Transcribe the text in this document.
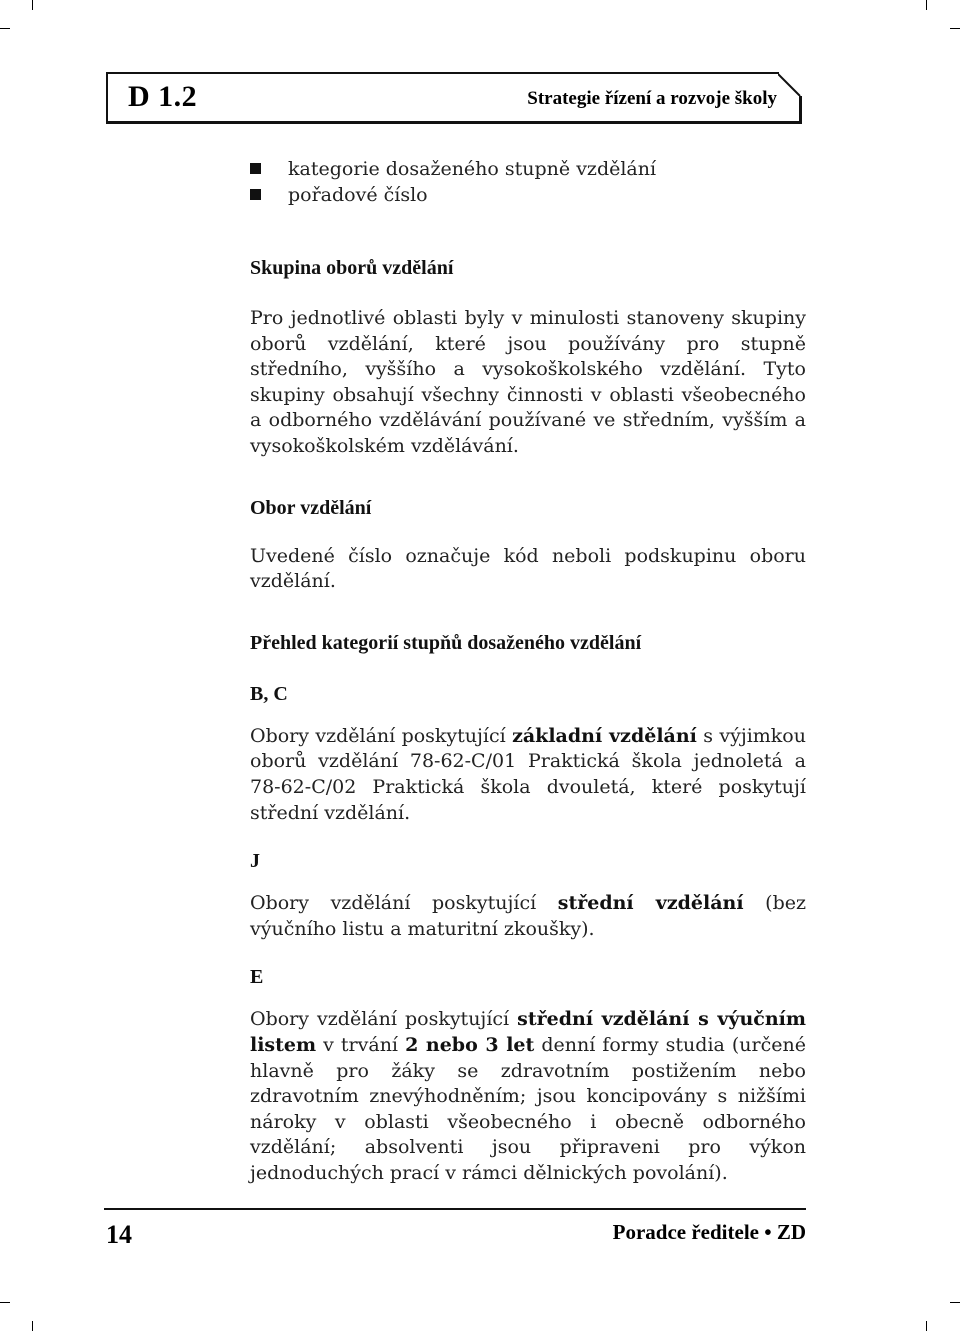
D 1.2	Strategie řízení a rozvoje školy
kategorie dosaženého stupně vzdělání
pořadové číslo
Skupina oborů vzdělání

Pro jednotlivé oblasti byly v minulosti stanoveny skupiny oborů vzdělání, které jsou používány pro stupně středního, vyššího a vysokoškolského vzdělání. Tyto skupiny obsahují všechny činnosti v oblasti všeobecného a odborného vzdělávání používané ve středním, vyšším a vysokoškolském vzdělávání.

Obor vzdělání

Uvedené číslo označuje kód neboli podskupinu oboru vzdělání.

Přehled kategorií stupňů dosaženého vzdělání
B, C

Obory vzdělání poskytující základní vzdělání s výjimkou oborů vzdělání 78-62-C/01 Praktická škola jednoletá a 78-62-C/02 Praktická škola dvouletá, které poskytují střední vzdělání.

J

Obory vzdělání poskytující střední vzdělání (bez výučního listu a maturitní zkoušky).

E

Obory vzdělání poskytující střední vzdělání s výučním listem v trvání 2 nebo 3 let denní formy studia (určené hlavně pro žáky se zdravotním postižením nebo zdravotním znevýhodněním; jsou koncipovány s nižšími nároky v oblasti všeobecného i obecně odborného vzdělání; absolventi jsou připraveni pro výkon jednoduchých prací v rámci dělnických povolání).

14	Poradce ředitele • ZD
